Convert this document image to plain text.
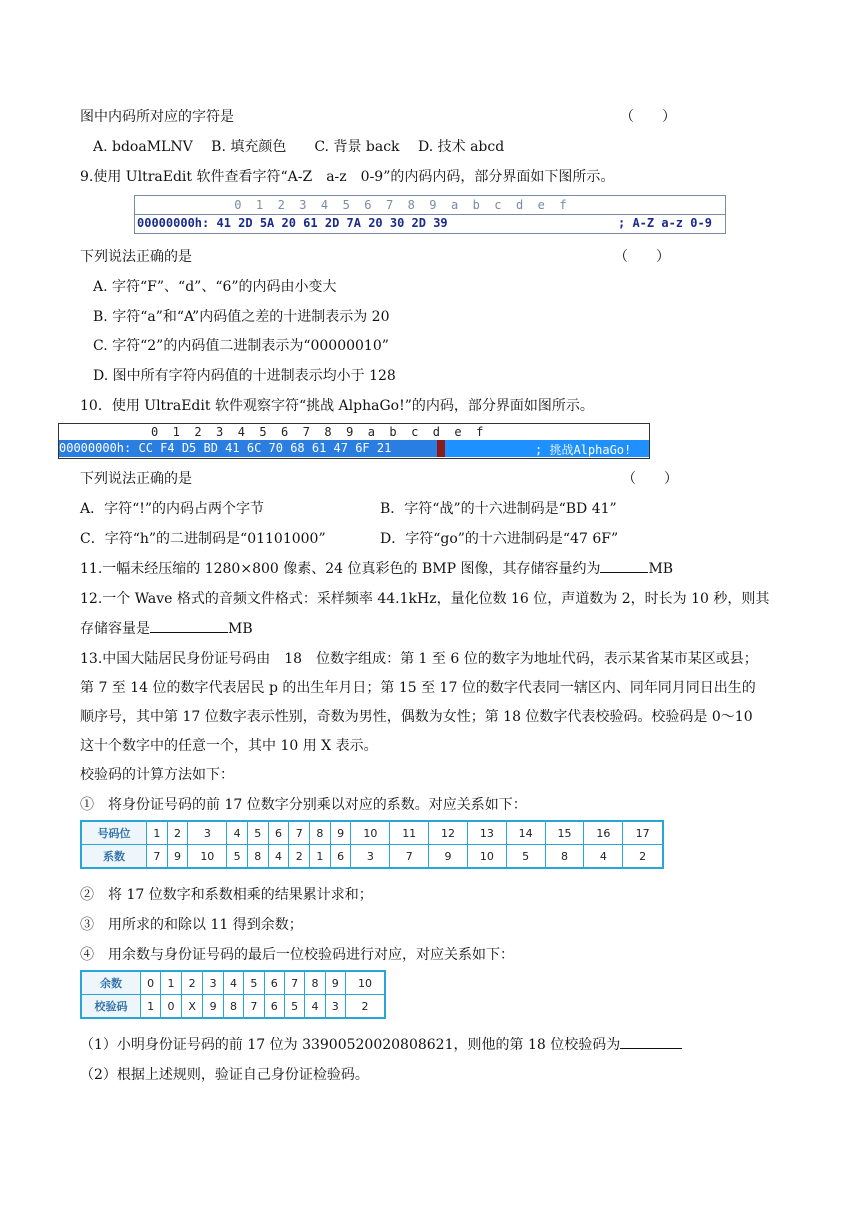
图中内码所对应的字符是	（　　）
A. bdoaMLNV　 B. 填充颜色　　C. 背景 back　 D. 技术 abcd
9.使用 UltraEdit 软件查看字符“A-Z　a-z　0-9”的内码内码，部分界面如下图所示。
0  1  2  3  4  5  6  7  8  9  a  b  c  d  e  f
00000000h: 41 2D 5A 20 61 2D 7A 20 30 2D 39	; A-Z a-z 0-9
下列说法正确的是	（　　）
A. 字符“F”、“d”、“6”的内码由小变大
B. 字符“a”和“A”内码值之差的十进制表示为 20
C. 字符“2”的内码值二进制表示为“00000010”
D. 图中所有字符内码值的十进制表示均小于 128
10．使用 UltraEdit 软件观察字符“挑战 AlphaGo!”的内码，部分界面如图所示。
0  1  2  3  4  5  6  7  8  9  a  b  c  d  e  f
00000000h: CC F4 D5 BD 41 6C 70 68 61 47 6F 21	; 挑战AlphaGo!
下列说法正确的是	（　　）
A．字符“!”的内码占两个字节	B．字符“战”的十六进制码是“BD 41”
C．字符“h”的二进制码是“01101000”	D．字符“go”的十六进制码是“47 6F”
11.一幅未经压缩的 1280×800 像素、24 位真彩色的 BMP 图像，其存储容量约为	MB
12.一个 Wave 格式的音频文件格式：采样频率 44.1kHz，量化位数 16 位，声道数为 2，时长为 10 秒，则其
存储容量是	MB
13.中国大陆居民身份证号码由　18　位数字组成：第 1 至 6 位的数字为地址代码，表示某省某市某区或县；
第 7 至 14 位的数字代表居民 p 的出生年月日；第 15 至 17 位的数字代表同一辖区内、同年同月同日出生的
顺序号，其中第 17 位数字表示性别，奇数为男性，偶数为女性；第 18 位数字代表校验码。校验码是 0～10
这十个数字中的任意一个，其中 10 用 X 表示。
校验码的计算方法如下：
①　将身份证号码的前 17 位数字分别乘以对应的系数。对应关系如下：
号码位	1	2	3	4	5	6	7	8	9	10	11	12	13	14	15	16	17
系数	7	9	10	5	8	4	2	1	6	3	7	9	10	5	8	4	2
②　将 17 位数字和系数相乘的结果累计求和；
③　用所求的和除以 11 得到余数；
④　用余数与身份证号码的最后一位校验码进行对应，对应关系如下：
余数	0	1	2	3	4	5	6	7	8	9	10
校验码	1	0	X	9	8	7	6	5	4	3	2
（1）小明身份证号码的前 17 位为 33900520020808621，则他的第 18 位校验码为
（2）根据上述规则，验证自己身份证检验码。
